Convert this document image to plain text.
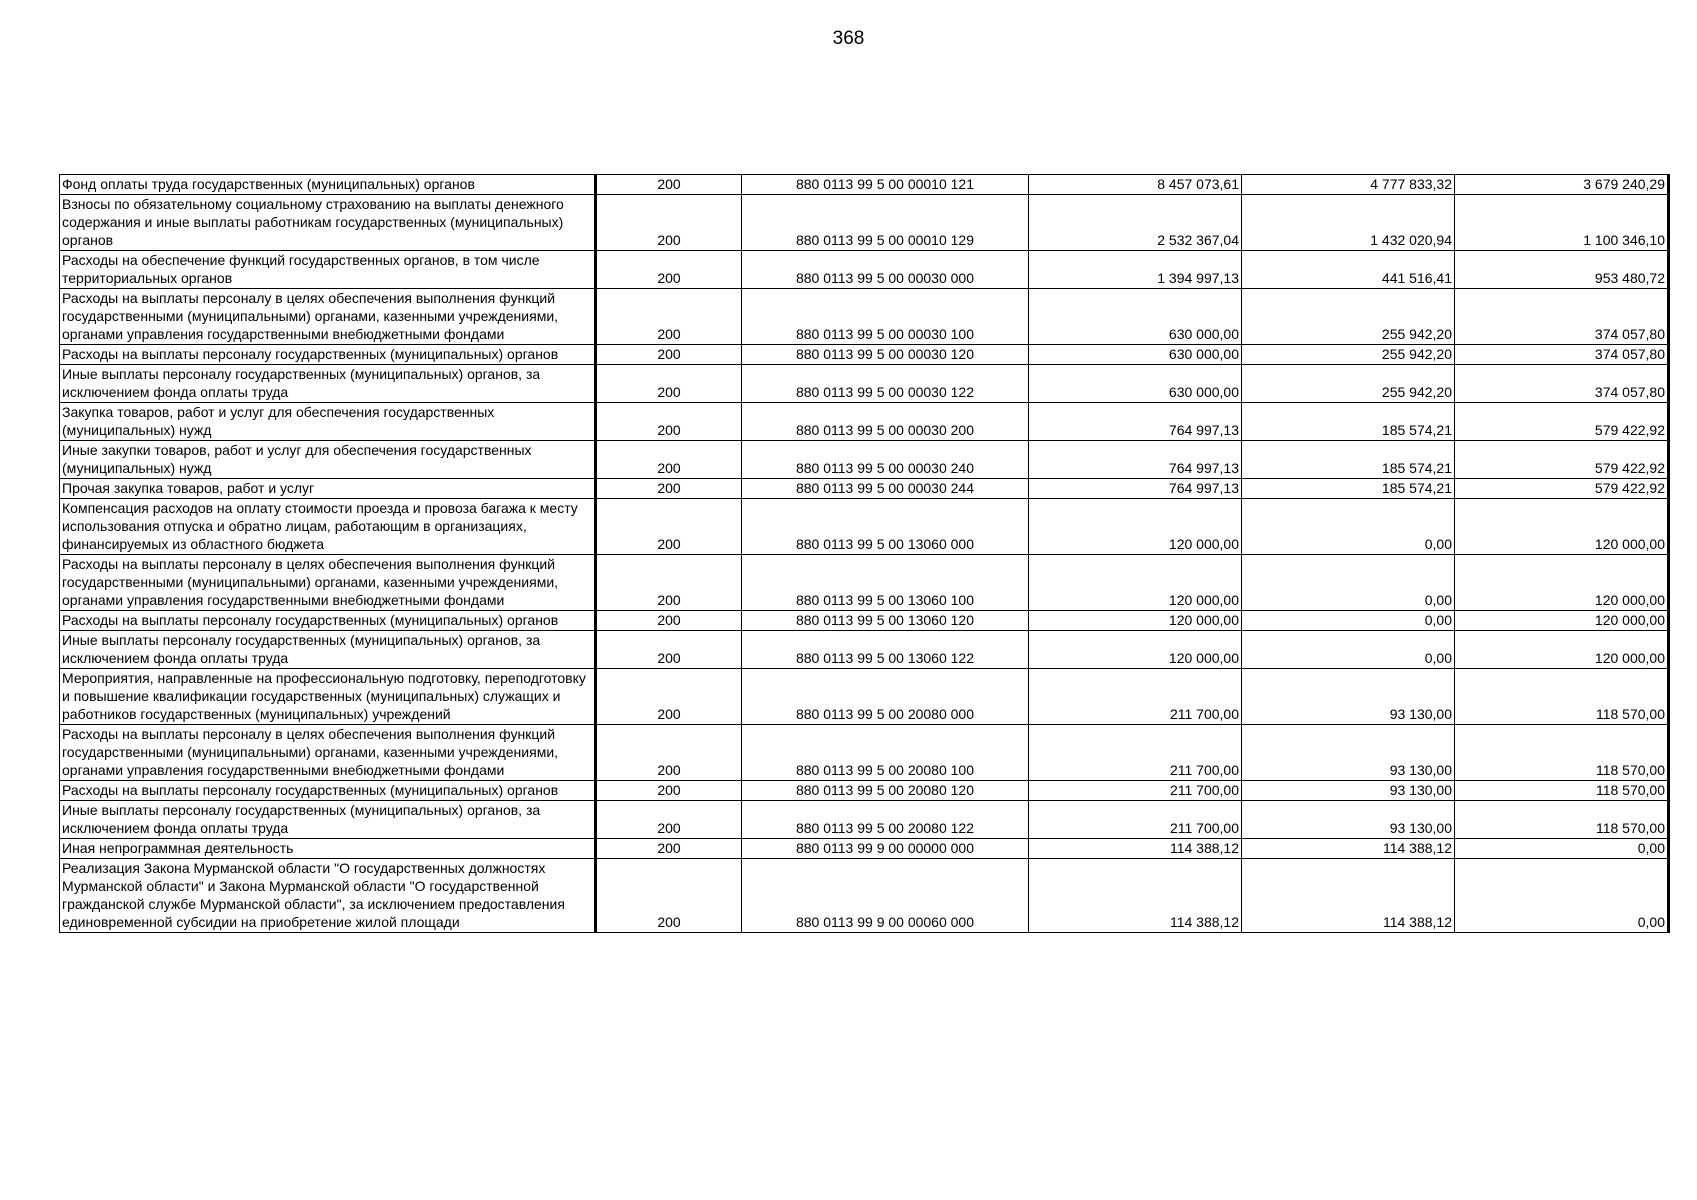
368
Фонд оплаты труда государственных (муниципальных) органов	200	880 0113 99 5 00 00010 121	8 457 073,61	4 777 833,32	3 679 240,29
Взносы по обязательному социальному страхованию на выплаты денежного содержания и иные выплаты работникам государственных (муниципальных) органов	200	880 0113 99 5 00 00010 129	2 532 367,04	1 432 020,94	1 100 346,10
Расходы на обеспечение функций государственных органов, в том числе территориальных органов	200	880 0113 99 5 00 00030 000	1 394 997,13	441 516,41	953 480,72
Расходы на выплаты персоналу в целях обеспечения выполнения функций государственными (муниципальными) органами, казенными учреждениями, органами управления государственными внебюджетными фондами	200	880 0113 99 5 00 00030 100	630 000,00	255 942,20	374 057,80
Расходы на выплаты персоналу государственных (муниципальных) органов	200	880 0113 99 5 00 00030 120	630 000,00	255 942,20	374 057,80
Иные выплаты персоналу государственных (муниципальных) органов, за исключением фонда оплаты труда	200	880 0113 99 5 00 00030 122	630 000,00	255 942,20	374 057,80
Закупка товаров, работ и услуг для обеспечения государственных (муниципальных) нужд	200	880 0113 99 5 00 00030 200	764 997,13	185 574,21	579 422,92
Иные закупки товаров, работ и услуг для обеспечения государственных (муниципальных) нужд	200	880 0113 99 5 00 00030 240	764 997,13	185 574,21	579 422,92
Прочая закупка товаров, работ и услуг	200	880 0113 99 5 00 00030 244	764 997,13	185 574,21	579 422,92
Компенсация расходов на оплату стоимости проезда и провоза багажа к месту использования отпуска и обратно лицам, работающим в организациях, финансируемых из областного бюджета	200	880 0113 99 5 00 13060 000	120 000,00	0,00	120 000,00
Расходы на выплаты персоналу в целях обеспечения выполнения функций государственными (муниципальными) органами, казенными учреждениями, органами управления государственными внебюджетными фондами	200	880 0113 99 5 00 13060 100	120 000,00	0,00	120 000,00
Расходы на выплаты персоналу государственных (муниципальных) органов	200	880 0113 99 5 00 13060 120	120 000,00	0,00	120 000,00
Иные выплаты персоналу государственных (муниципальных) органов, за исключением фонда оплаты труда	200	880 0113 99 5 00 13060 122	120 000,00	0,00	120 000,00
Мероприятия, направленные на профессиональную подготовку, переподготовку и повышение квалификации государственных (муниципальных) служащих и работников государственных (муниципальных) учреждений	200	880 0113 99 5 00 20080 000	211 700,00	93 130,00	118 570,00
Расходы на выплаты персоналу в целях обеспечения выполнения функций государственными (муниципальными) органами, казенными учреждениями, органами управления государственными внебюджетными фондами	200	880 0113 99 5 00 20080 100	211 700,00	93 130,00	118 570,00
Расходы на выплаты персоналу государственных (муниципальных) органов	200	880 0113 99 5 00 20080 120	211 700,00	93 130,00	118 570,00
Иные выплаты персоналу государственных (муниципальных) органов, за исключением фонда оплаты труда	200	880 0113 99 5 00 20080 122	211 700,00	93 130,00	118 570,00
Иная непрограммная деятельность	200	880 0113 99 9 00 00000 000	114 388,12	114 388,12	0,00
Реализация Закона Мурманской области "О государственных должностях Мурманской области" и Закона Мурманской области "О государственной гражданской службе Мурманской области", за исключением предоставления единовременной субсидии на приобретение жилой площади	200	880 0113 99 9 00 00060 000	114 388,12	114 388,12	0,00
